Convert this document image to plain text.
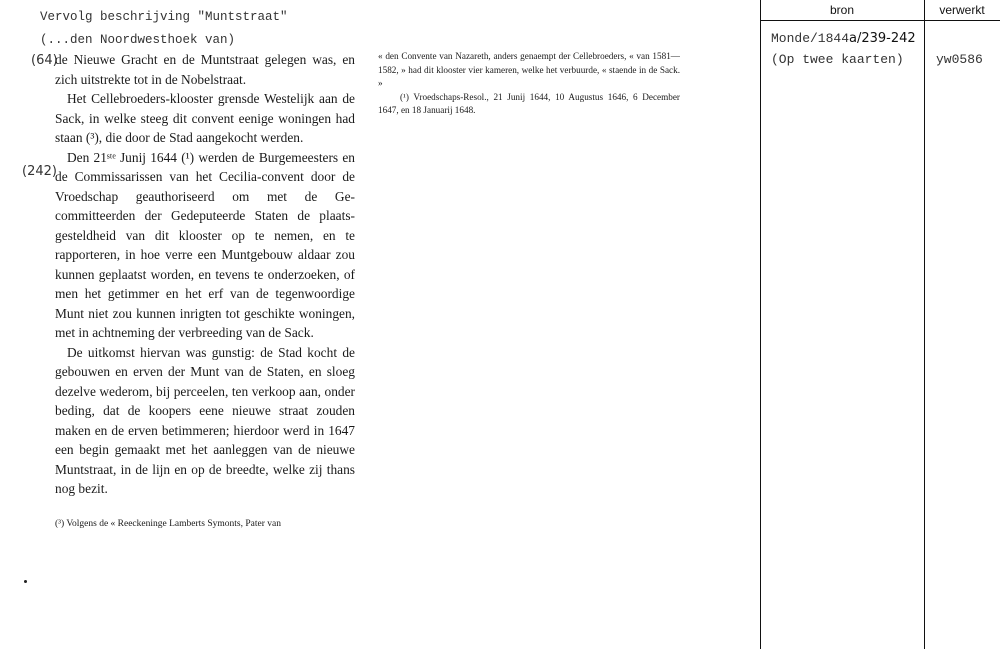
Vervolg beschrijving "Muntstraat"
(...den Noordwesthoek van)
(64)
(242)

de Nieuwe Gracht en de Muntstraat gelegen was, en zich uitstrekte tot in de Nobelstraat.

Het Cellebroeders-klooster grensde Westelijk aan de Sack, in welke steeg dit convent eenige woningen had staan (³), die door de Stad aangekocht werden.

Den 21ˢᵗᵉ Junij 1644 (¹) werden de Burgemeesters en de Commissarissen van het Cecilia-convent door de Vroedschap geauthoriseerd om met de Gecommitteerden der Gedeputeerde Staten de plaatsgesteldheid van dit klooster op te nemen, en te rapporteren, in hoe verre een Muntgebouw aldaar zou kunnen geplaatst worden, en tevens te onderzoeken, of men het getimmer en het erf van de tegenwoordige Munt niet zou kunnen inrigten tot geschikte woningen, met in achtneming der verbreeding van de Sack.

De uitkomst hiervan was gunstig: de Stad kocht de gebouwen en erven der Munt van de Staten, en sloeg dezelve wederom, bij perceelen, ten verkoop aan, onder beding, dat de koopers eene nieuwe straat zouden maken en de erven betimmeren; hierdoor werd in 1647 een begin gemaakt met het aanleggen van de nieuwe Muntstraat, in de lijn en op de breedte, welke zij thans nog bezit.

(³) Volgens de « Reeckeninge Lamberts Symonts, Pater van

« den Convente van Nazareth, anders genaempt der Cellebroeders, « van 1581—1582, » had dit klooster vier kameren, welke het verbuurde, « staende in de Sack. »

(¹) Vroedschaps-Resol., 21 Junij 1644, 10 Augustus 1646, 6 December 1647, en 18 Januarij 1648.

bron	verwerkt
Monde/1844a/239-242
(Op twee kaarten) yw0586
